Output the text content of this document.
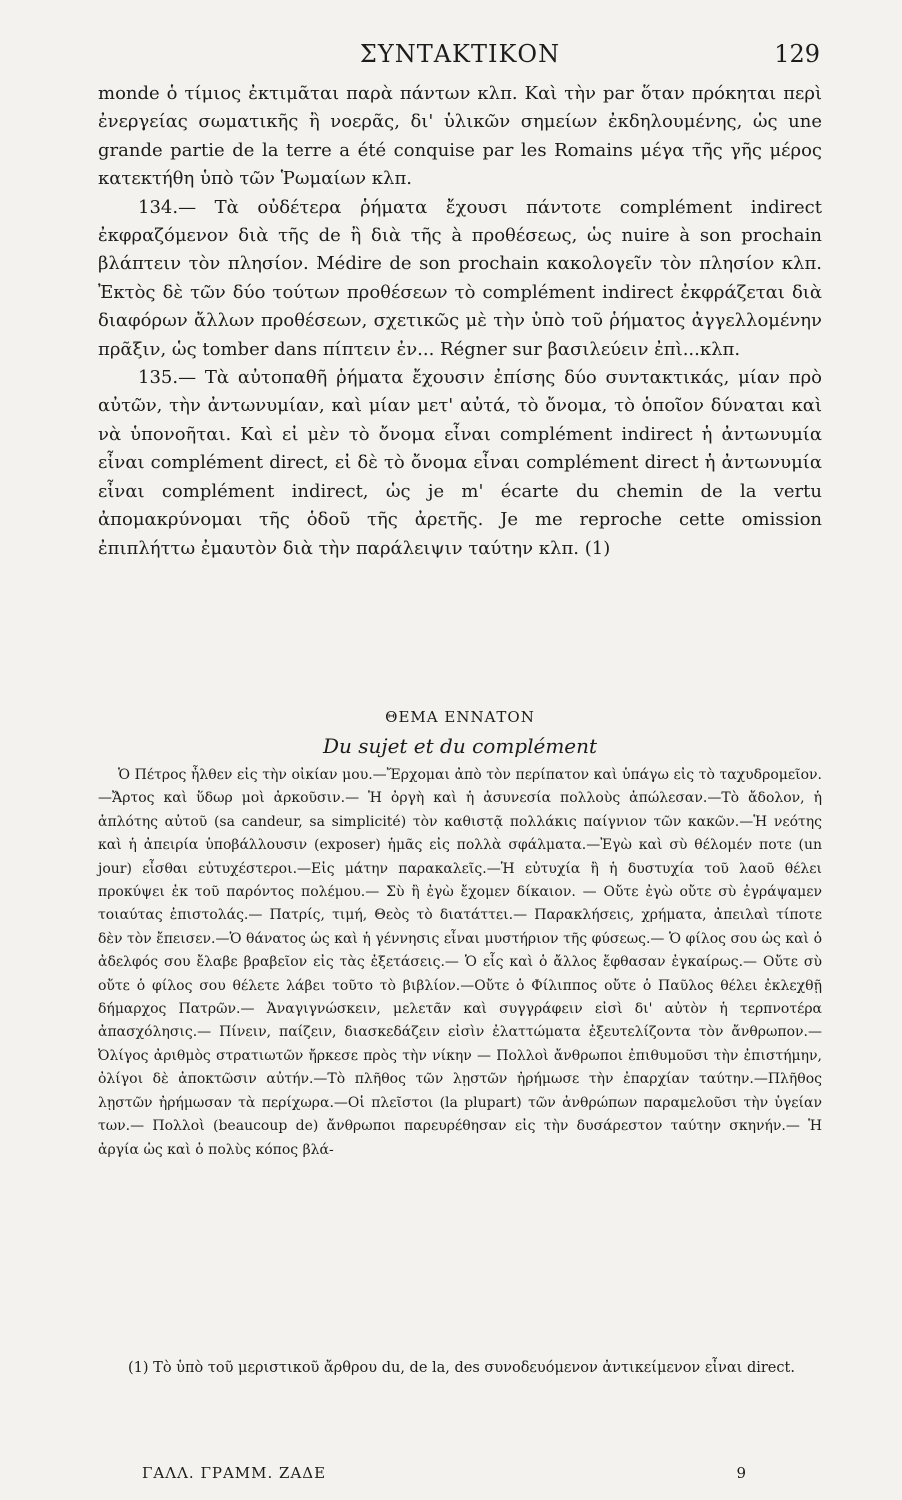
ΣΥΝΤΑΚΤΙΚΟΝ	129

monde ὁ τίμιος ἐκτιμᾶται παρὰ πάντων κλπ. Καὶ τὴν par ὅταν πρόκηται περὶ ἐνεργείας σωματικῆς ἢ νοερᾶς, δι' ὑλικῶν σημείων ἐκδηλουμένης, ὡς une grande partie de la terre a été conquise par les Romains μέγα τῆς γῆς μέρος κατεκτήθη ὑπὸ τῶν Ῥωμαίων κλπ.

134.— Τὰ οὐδέτερα ῥήματα ἔχουσι πάντοτε complément indirect ἐκφραζόμενον διὰ τῆς de ἢ διὰ τῆς à προθέσεως, ὡς nuire à son prochain βλάπτειν τὸν πλησίον. Médire de son prochain κακολογεῖν τὸν πλησίον κλπ. Ἐκτὸς δὲ τῶν δύο τούτων προθέσεων τὸ complément indirect ἐκφράζεται διὰ διαφόρων ἄλλων προθέσεων, σχετικῶς μὲ τὴν ὑπὸ τοῦ ῥήματος ἀγγελλομένην πρᾶξιν, ὡς tomber dans πίπτειν ἐν... Régner sur βασιλεύειν ἐπὶ...κλπ.

135.— Τὰ αὐτοπαθῆ ῥήματα ἔχουσιν ἐπίσης δύο συντακτικάς, μίαν πρὸ αὐτῶν, τὴν ἀντωνυμίαν, καὶ μίαν μετ' αὐτά, τὸ ὄνομα, τὸ ὁποῖον δύναται καὶ νὰ ὑπονοῆται. Καὶ εἰ μὲν τὸ ὄνομα εἶναι complément indirect ἡ ἀντωνυμία εἶναι complément direct, εἰ δὲ τὸ ὄνομα εἶναι complément direct ἡ ἀντωνυμία εἶναι complément indirect, ὡς je m' écarte du chemin de la vertu ἀπομακρύνομαι τῆς ὁδοῦ τῆς ἀρετῆς. Je me reproche cette omission ἐπιπλήττω ἐμαυτὸν διὰ τὴν παράλειψιν ταύτην κλπ. (1)

ΘΕΜΑ ΕΝΝΑΤΟΝ
Du sujet et du complément
Ὁ Πέτρος ἦλθεν εἰς τὴν οἰκίαν μου.—Ἔρχομαι ἀπὸ τὸν περίπατον καὶ ὑπάγω εἰς τὸ ταχυδρομεῖον.—Ἄρτος καὶ ὕδωρ μοὶ ἀρκοῦσιν.— Ἡ ὀργὴ καὶ ἡ ἀσυνεσία πολλοὺς ἀπώλεσαν.—Τὸ ἄδολον, ἡ ἁπλότης αὐτοῦ (sa candeur, sa simplicité) τὸν καθιστᾷ πολλάκις παίγνιον τῶν κακῶν.—Ἡ νεότης καὶ ἡ ἀπειρία ὑποβάλλουσιν (exposer) ἡμᾶς εἰς πολλὰ σφάλματα.—Ἐγὼ καὶ σὺ θέλομέν ποτε (un jour) εἶσθαι εὐτυχέστεροι.—Εἰς μάτην παρακαλεῖς.—Ἡ εὐτυχία ἢ ἡ δυστυχία τοῦ λαοῦ θέλει προκύψει ἐκ τοῦ παρόντος πολέμου.— Σὺ ἢ ἐγὼ ἔχομεν δίκαιον. — Οὔτε ἐγὼ οὔτε σὺ ἐγράψαμεν τοιαύτας ἐπιστολάς.— Πατρίς, τιμή, Θεὸς τὸ διατάττει.— Παρακλήσεις, χρήματα, ἀπειλαὶ τίποτε δὲν τὸν ἔπεισεν.—Ὁ θάνατος ὡς καὶ ἡ γέννησις εἶναι μυστήριον τῆς φύσεως.— Ὁ φίλος σου ὡς καὶ ὁ ἀδελφός σου ἔλαβε βραβεῖον εἰς τὰς ἐξετάσεις.— Ὁ εἷς καὶ ὁ ἄλλος ἔφθασαν ἐγκαίρως.— Οὔτε σὺ οὔτε ὁ φίλος σου θέλετε λάβει τοῦτο τὸ βιβλίον.—Οὔτε ὁ Φίλιππος οὔτε ὁ Παῦλος θέλει ἐκλεχθῇ δήμαρχος Πατρῶν.— Ἀναγιγνώσκειν, μελετᾶν καὶ συγγράφειν εἰσὶ δι' αὐτὸν ἡ τερπνοτέρα ἀπασχόλησις.— Πίνειν, παίζειν, διασκεδάζειν εἰσὶν ἐλαττώματα ἐξευτελίζοντα τὸν ἄνθρωπον.—Ὀλίγος ἀριθμὸς στρατιωτῶν ἤρκεσε πρὸς τὴν νίκην — Πολλοὶ ἄνθρωποι ἐπιθυμοῦσι τὴν ἐπιστήμην, ὀλίγοι δὲ ἀποκτῶσιν αὐτήν.—Τὸ πλῆθος τῶν λῃστῶν ἠρήμωσε τὴν ἐπαρχίαν ταύτην.—Πλῆθος λῃστῶν ἠρήμωσαν τὰ περίχωρα.—Οἱ πλεῖστοι (la plupart) τῶν ἀνθρώπων παραμελοῦσι τὴν ὑγείαν των.— Πολλοὶ (beaucoup de) ἄνθρωποι παρευρέθησαν εἰς τὴν δυσάρεστον ταύτην σκηνήν.— Ἡ ἀργία ὡς καὶ ὁ πολὺς κόπος βλά-
(1) Τὸ ὑπὸ τοῦ μεριστικοῦ ἄρθρου du, de la, des συνοδευόμενον ἀντικείμενον εἶναι direct.
ΓΑΛΛ. ΓΡΑΜΜ. ΖΑΔΕ	9
